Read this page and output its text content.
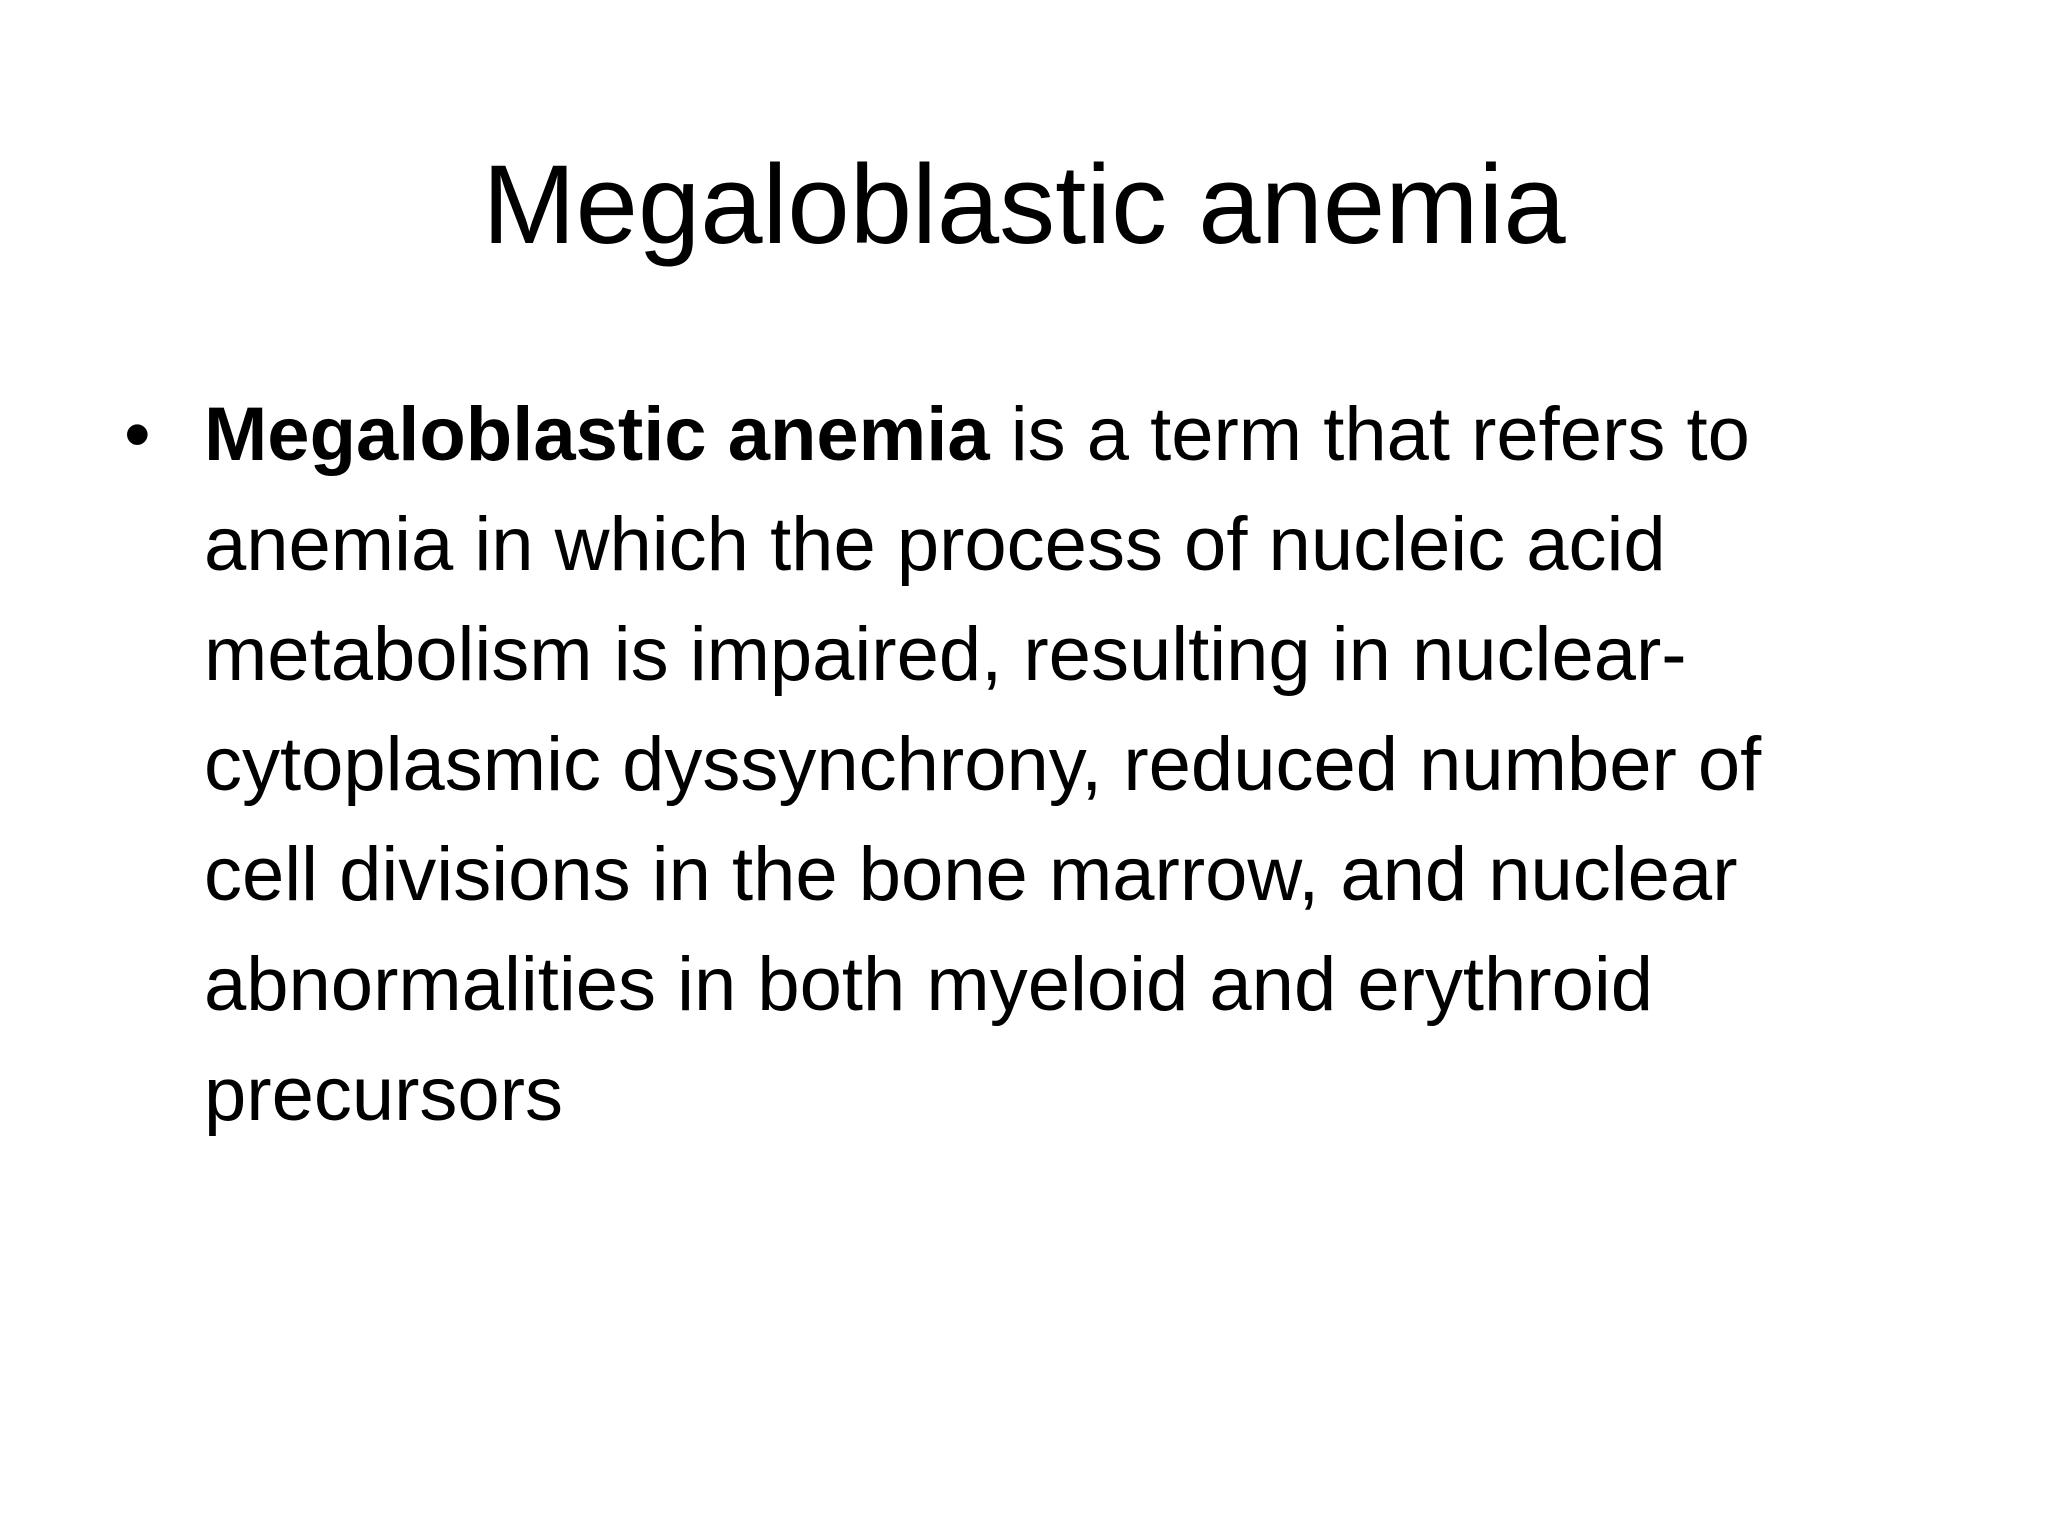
Megaloblastic anemia
• Megaloblastic anemia is a term that refers to
anemia in which the process of nucleic acid
metabolism is impaired, resulting in nuclear-
cytoplasmic dyssynchrony, reduced number of
cell divisions in the bone marrow, and nuclear
abnormalities in both myeloid and erythroid
precursors
